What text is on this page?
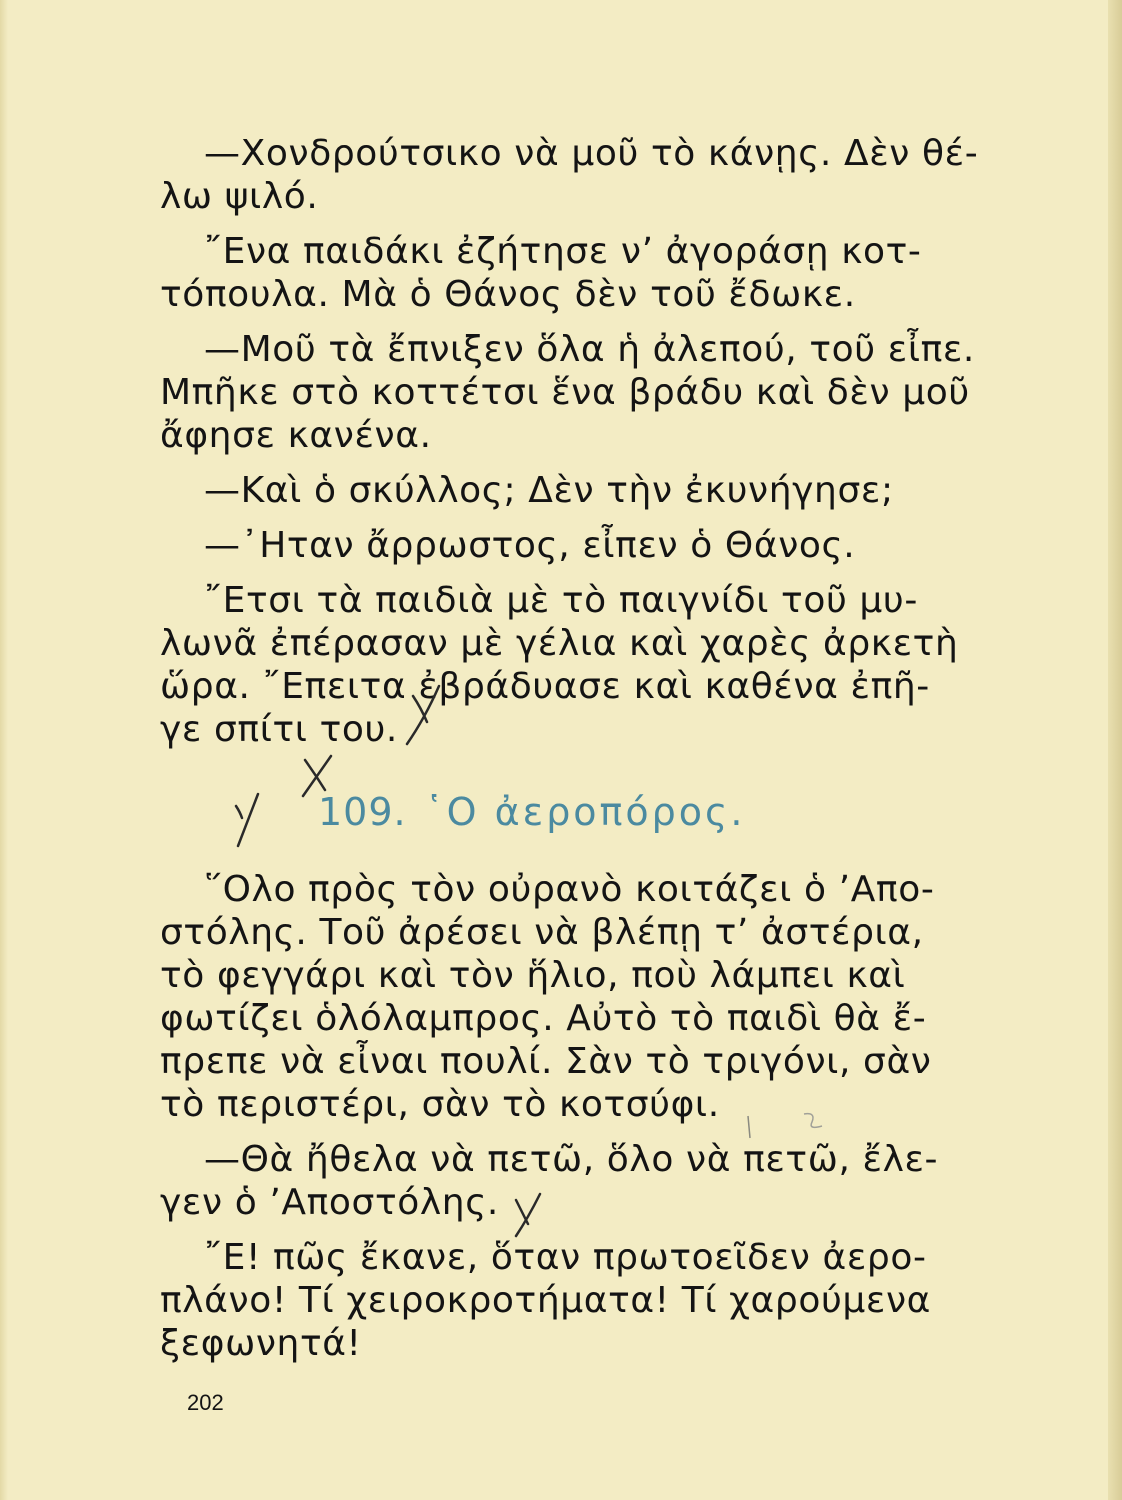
—Χονδρούτσικο νὰ μοῦ τὸ κάνῃς. Δὲν θέ-
λω ψιλό.
῎Ενα παιδάκι ἐζήτησε ν’ ἀγοράσῃ κοτ-
τόπουλα. Μὰ ὁ Θάνος δὲν τοῦ ἔδωκε.
—Μοῦ τὰ ἔπνιξεν ὅλα ἡ ἀλεπού, τοῦ εἶπε.
Μπῆκε στὸ κοττέτσι ἕνα βράδυ καὶ δὲν μοῦ
ἄφησε κανένα.
—Καὶ ὁ σκύλλος; Δὲν τὴν ἐκυνήγησε;
—᾿Ηταν ἄρρωστος, εἶπεν ὁ Θάνος.
῎Ετσι τὰ παιδιὰ μὲ τὸ παιγνίδι τοῦ μυ-
λωνᾶ ἐπέρασαν μὲ γέλια καὶ χαρὲς ἀρκετὴ
ὥρα. ῎Επειτα ἐβράδυασε καὶ καθένα ἐπῆ-
γε σπίτι του.
109. ῾Ο ἀεροπόρος.
῞Ολο πρὸς τὸν οὐρανὸ κοιτάζει ὁ ’Απο-
στόλης. Τοῦ ἀρέσει νὰ βλέπῃ τ’ ἀστέρια,
τὸ φεγγάρι καὶ τὸν ἥλιο, ποὺ λάμπει καὶ
φωτίζει ὁλόλαμπρος. Αὐτὸ τὸ παιδὶ θὰ ἔ-
πρεπε νὰ εἶναι πουλί. Σὰν τὸ τριγόνι, σὰν
τὸ περιστέρι, σὰν τὸ κοτσύφι.
—Θὰ ἤθελα νὰ πετῶ, ὅλο νὰ πετῶ, ἔλε-
γεν ὁ ’Αποστόλης.
῎Ε! πῶς ἔκανε, ὅταν πρωτοεῖδεν ἀερο-
πλάνο! Τί χειροκροτήματα! Τί χαρούμενα
ξεφωνητά!
202
